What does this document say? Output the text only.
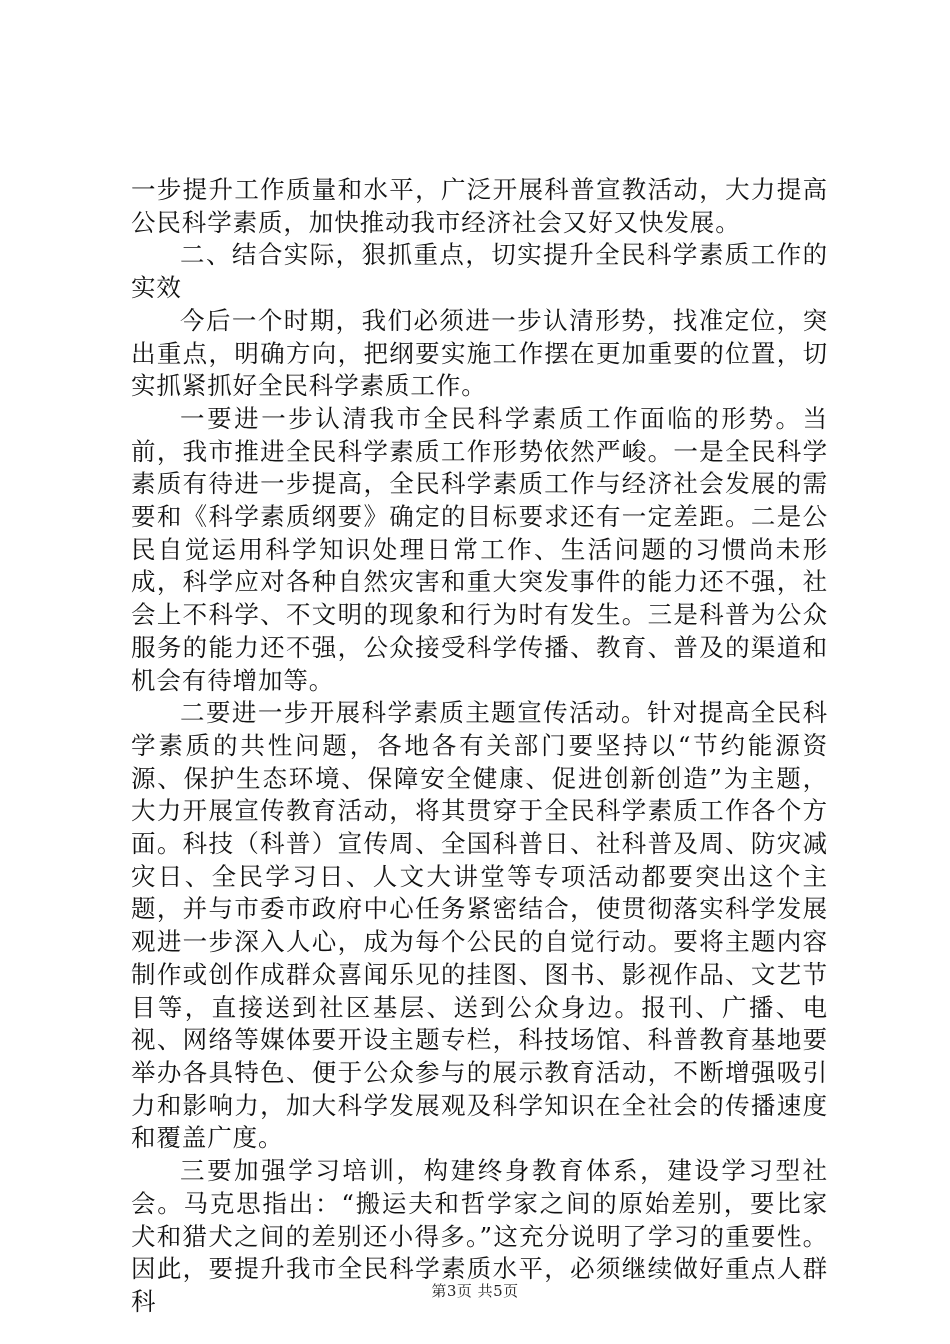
一步提升工作质量和水平，广泛开展科普宣教活动，大力提高公民科学素质，加快推动我市经济社会又好又快发展。

二、结合实际，狠抓重点，切实提升全民科学素质工作的实效

今后一个时期，我们必须进一步认清形势，找准定位，突出重点，明确方向，把纲要实施工作摆在更加重要的位置，切实抓紧抓好全民科学素质工作。

一要进一步认清我市全民科学素质工作面临的形势。当前，我市推进全民科学素质工作形势依然严峻。一是全民科学素质有待进一步提高，全民科学素质工作与经济社会发展的需要和《科学素质纲要》确定的目标要求还有一定差距。二是公民自觉运用科学知识处理日常工作、生活问题的习惯尚未形成，科学应对各种自然灾害和重大突发事件的能力还不强，社会上不科学、不文明的现象和行为时有发生。三是科普为公众服务的能力还不强，公众接受科学传播、教育、普及的渠道和机会有待增加等。

二要进一步开展科学素质主题宣传活动。针对提高全民科学素质的共性问题，各地各有关部门要坚持以“节约能源资源、保护生态环境、保障安全健康、促进创新创造”为主题，大力开展宣传教育活动，将其贯穿于全民科学素质工作各个方面。科技（科普）宣传周、全国科普日、社科普及周、防灾减灾日、全民学习日、人文大讲堂等专项活动都要突出这个主题，并与市委市政府中心任务紧密结合，使贯彻落实科学发展观进一步深入人心，成为每个公民的自觉行动。要将主题内容制作或创作成群众喜闻乐见的挂图、图书、影视作品、文艺节目等，直接送到社区基层、送到公众身边。报刊、广播、电视、网络等媒体要开设主题专栏，科技场馆、科普教育基地要举办各具特色、便于公众参与的展示教育活动，不断增强吸引力和影响力，加大科学发展观及科学知识在全社会的传播速度和覆盖广度。

三要加强学习培训，构建终身教育体系，建设学习型社会。马克思指出：“搬运夫和哲学家之间的原始差别，要比家犬和猎犬之间的差别还小得多。”这充分说明了学习的重要性。因此，要提升我市全民科学素质水平，必须继续做好重点人群科	第3页 共5页
